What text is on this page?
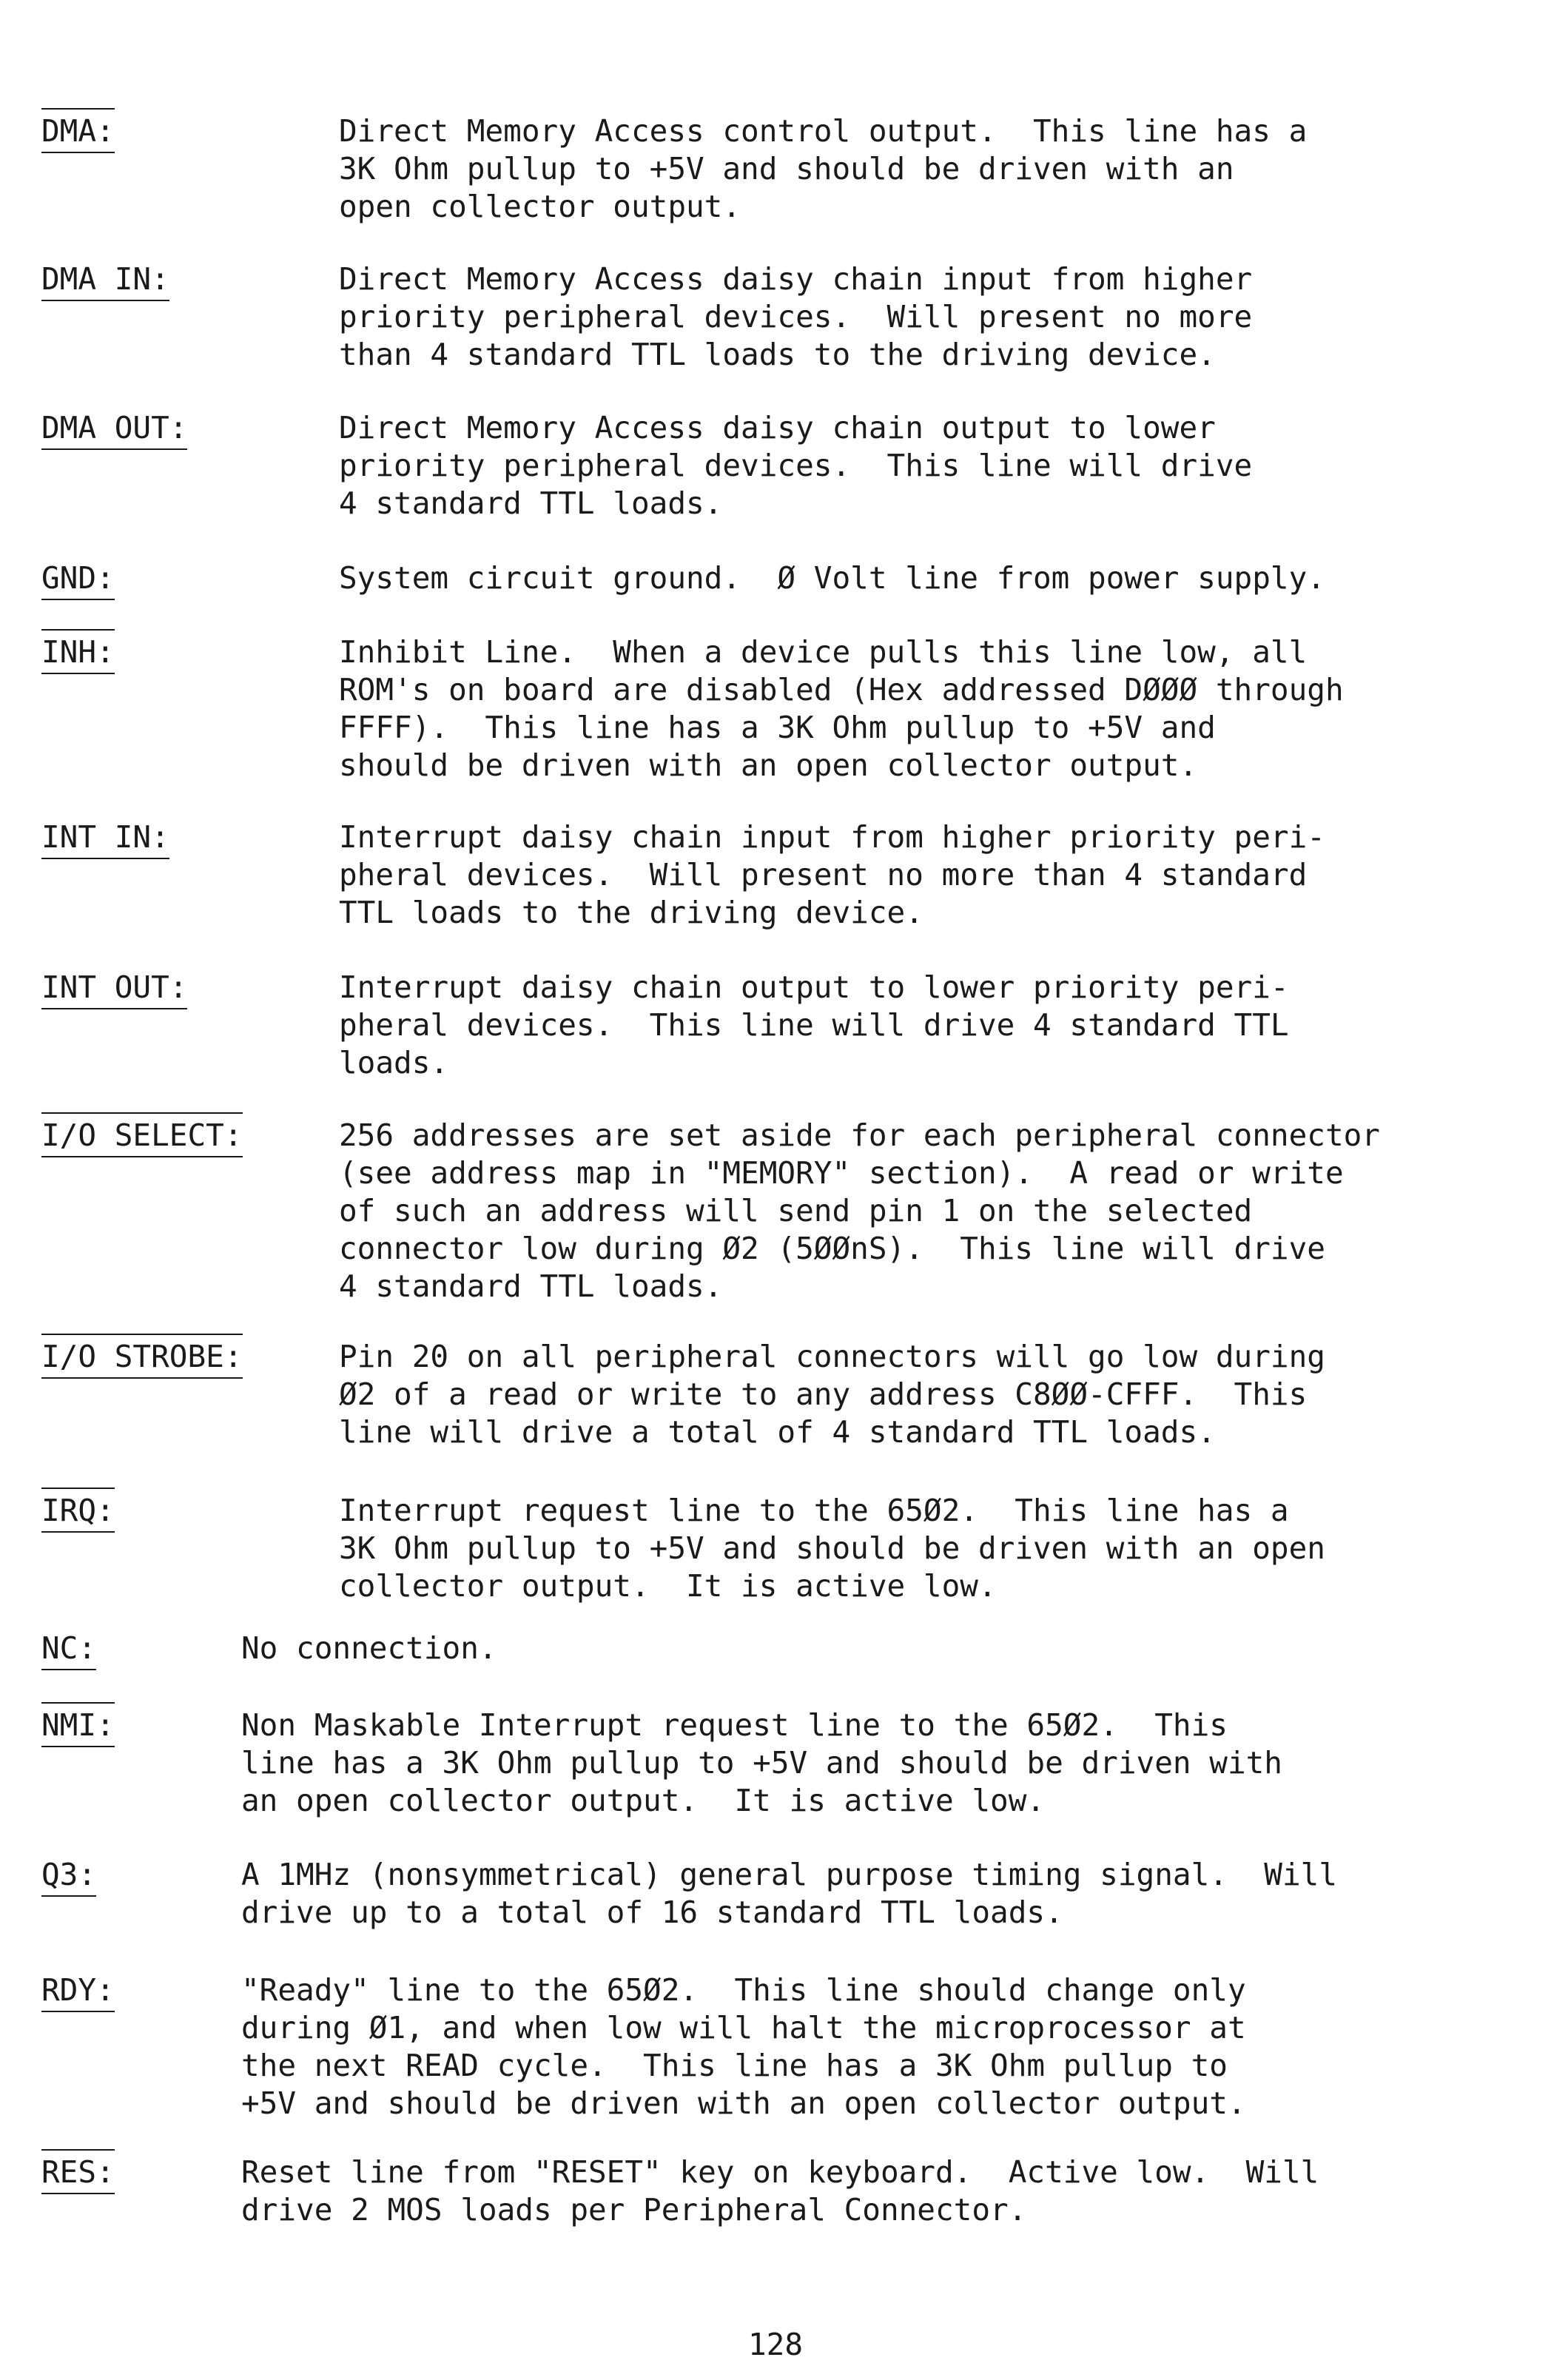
DMA:	Direct Memory Access control output.  This line has a
3K Ohm pullup to +5V and should be driven with an
open collector output.
DMA IN:	Direct Memory Access daisy chain input from higher
priority peripheral devices.  Will present no more
than 4 standard TTL loads to the driving device.
DMA OUT:	Direct Memory Access daisy chain output to lower
priority peripheral devices.  This line will drive
4 standard TTL loads.
GND:	System circuit ground.  Ø Volt line from power supply.
INH:	Inhibit Line.  When a device pulls this line low, all
ROM's on board are disabled (Hex addressed DØØØ through
FFFF).  This line has a 3K Ohm pullup to +5V and
should be driven with an open collector output.
INT IN:	Interrupt daisy chain input from higher priority peri-
pheral devices.  Will present no more than 4 standard
TTL loads to the driving device.
INT OUT:	Interrupt daisy chain output to lower priority peri-
pheral devices.  This line will drive 4 standard TTL
loads.
I/O SELECT:	256 addresses are set aside for each peripheral connector
(see address map in "MEMORY" section).  A read or write
of such an address will send pin 1 on the selected
connector low during Ø2 (5ØØnS).  This line will drive
4 standard TTL loads.
I/O STROBE:	Pin 20 on all peripheral connectors will go low during
Ø2 of a read or write to any address C8ØØ-CFFF.  This
line will drive a total of 4 standard TTL loads.
IRQ:	Interrupt request line to the 65Ø2.  This line has a
3K Ohm pullup to +5V and should be driven with an open
collector output.  It is active low.
NC:	No connection.
NMI:	Non Maskable Interrupt request line to the 65Ø2.  This
line has a 3K Ohm pullup to +5V and should be driven with
an open collector output.  It is active low.
Q3:	A 1MHz (nonsymmetrical) general purpose timing signal.  Will
drive up to a total of 16 standard TTL loads.
RDY:	"Ready" line to the 65Ø2.  This line should change only
during Ø1, and when low will halt the microprocessor at
the next READ cycle.  This line has a 3K Ohm pullup to
+5V and should be driven with an open collector output.
RES:	Reset line from "RESET" key on keyboard.  Active low.  Will
drive 2 MOS loads per Peripheral Connector.
128
